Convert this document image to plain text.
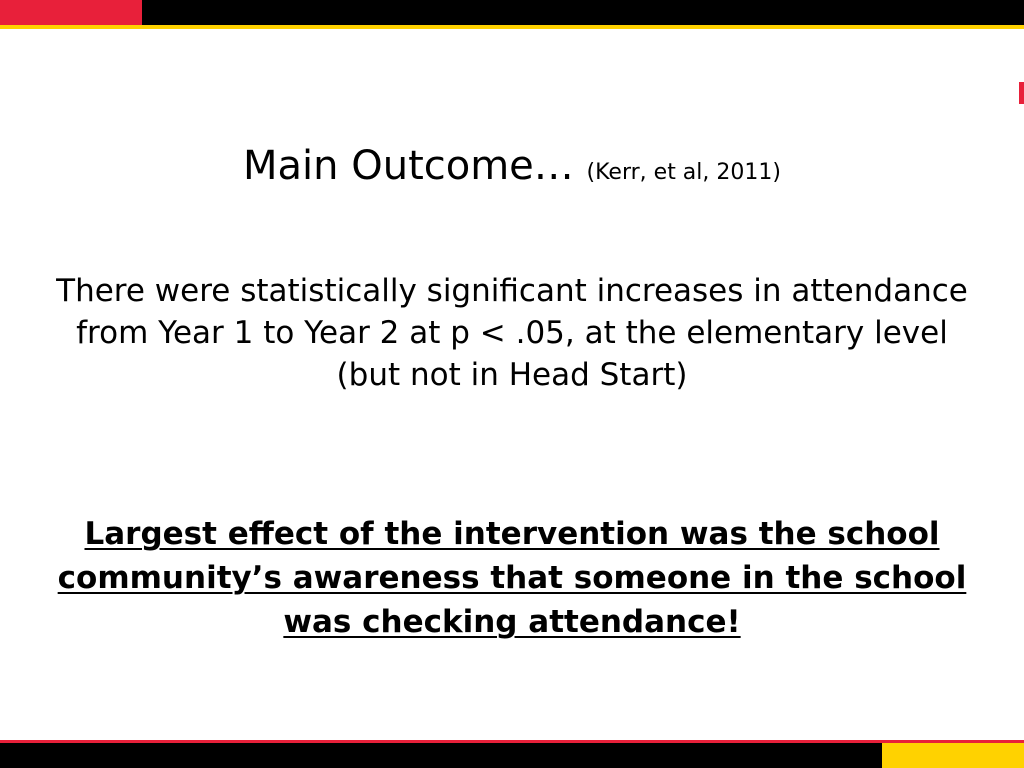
Main Outcome… (Kerr, et al, 2011)
There were statistically significant increases in attendance from Year 1 to Year 2 at p < .05, at the elementary level (but not in Head Start)
Largest effect of the intervention was the school community’s awareness that someone in the school was checking attendance!
